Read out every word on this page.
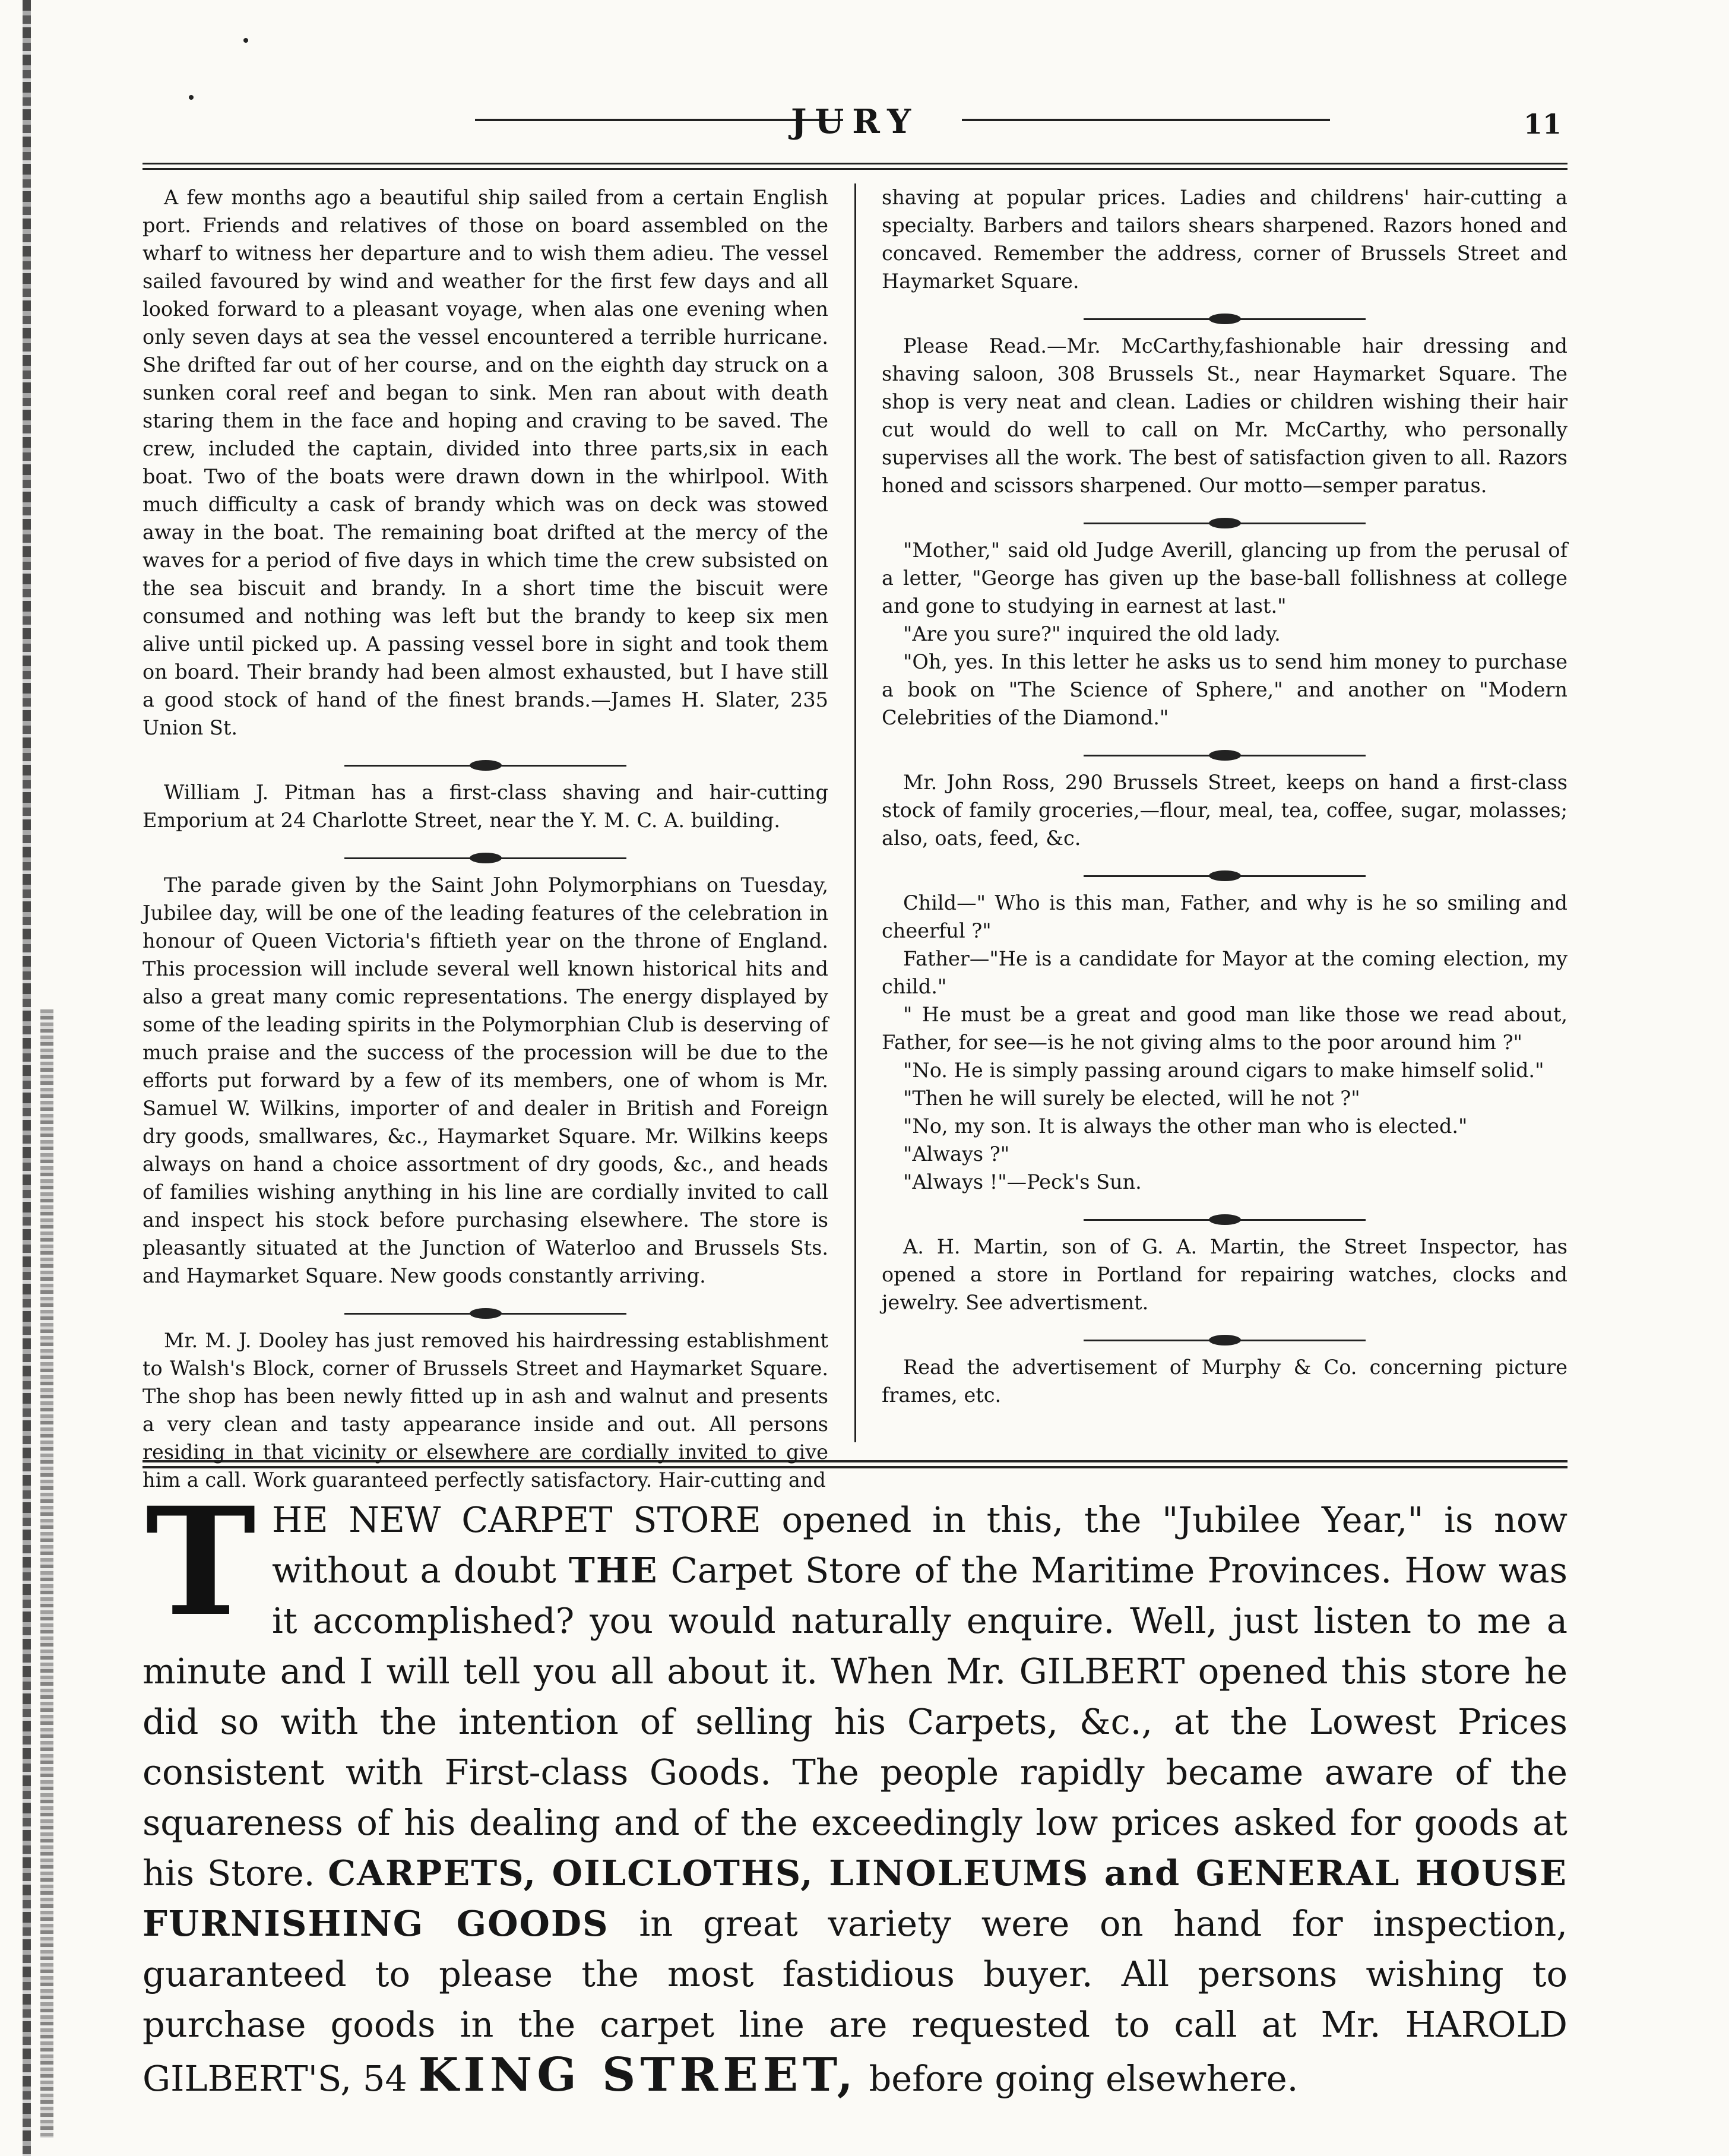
JURY	11

A few months ago a beautiful ship sailed from a certain English port. Friends and relatives of those on board assembled on the wharf to witness her departure and to wish them adieu. The vessel sailed favoured by wind and weather for the first few days and all looked forward to a pleasant voyage, when alas one evening when only seven days at sea the vessel encountered a terrible hurricane. She drifted far out of her course, and on the eighth day struck on a sunken coral reef and began to sink. Men ran about with death staring them in the face and hoping and craving to be saved. The crew, included the captain, divided into three parts,six in each boat. Two of the boats were drawn down in the whirlpool. With much difficulty a cask of brandy which was on deck was stowed away in the boat. The remaining boat drifted at the mercy of the waves for a period of five days in which time the crew subsisted on the sea biscuit and brandy. In a short time the biscuit were consumed and nothing was left but the brandy to keep six men alive until picked up. A passing vessel bore in sight and took them on board. Their brandy had been almost exhausted, but I have still a good stock of hand of the finest brands.—James H. Slater, 235 Union St.

William J. Pitman has a first-class shaving and hair-cutting Emporium at 24 Charlotte Street, near the Y. M. C. A. building.

The parade given by the Saint John Polymorphians on Tuesday, Jubilee day, will be one of the leading features of the celebration in honour of Queen Victoria's fiftieth year on the throne of England. This procession will include several well known historical hits and also a great many comic representations. The energy displayed by some of the leading spirits in the Polymorphian Club is deserving of much praise and the success of the procession will be due to the efforts put forward by a few of its members, one of whom is Mr. Samuel W. Wilkins, importer of and dealer in British and Foreign dry goods, smallwares, &c., Haymarket Square. Mr. Wilkins keeps always on hand a choice assortment of dry goods, &c., and heads of families wishing anything in his line are cordially invited to call and inspect his stock before purchasing elsewhere. The store is pleasantly situated at the Junction of Waterloo and Brussels Sts. and Haymarket Square. New goods constantly arriving.

Mr. M. J. Dooley has just removed his hairdressing establishment to Walsh's Block, corner of Brussels Street and Haymarket Square. The shop has been newly fitted up in ash and walnut and presents a very clean and tasty appearance inside and out. All persons residing in that vicinity or elsewhere are cordially invited to give him a call. Work guaranteed perfectly satisfactory. Hair-cutting and

shaving at popular prices. Ladies and childrens' hair-cutting a specialty. Barbers and tailors shears sharpened. Razors honed and concaved. Remember the address, corner of Brussels Street and Haymarket Square.

Please Read.—Mr. McCarthy,fashionable hair dressing and shaving saloon, 308 Brussels St., near Haymarket Square. The shop is very neat and clean. Ladies or children wishing their hair cut would do well to call on Mr. McCarthy, who personally supervises all the work. The best of satisfaction given to all. Razors honed and scissors sharpened. Our motto—semper paratus.

"Mother," said old Judge Averill, glancing up from the perusal of a letter, "George has given up the base-ball follishness at college and gone to studying in earnest at last."

"Are you sure?" inquired the old lady.

"Oh, yes. In this letter he asks us to send him money to purchase a book on "The Science of Sphere," and another on "Modern Celebrities of the Diamond."

Mr. John Ross, 290 Brussels Street, keeps on hand a first-class stock of family groceries,—flour, meal, tea, coffee, sugar, molasses; also, oats, feed, &c.

Child—" Who is this man, Father, and why is he so smiling and cheerful ?"

Father—"He is a candidate for Mayor at the coming election, my child."

" He must be a great and good man like those we read about, Father, for see—is he not giving alms to the poor around him ?"

"No. He is simply passing around cigars to make himself solid."

"Then he will surely be elected, will he not ?"

"No, my son. It is always the other man who is elected."

"Always ?"

"Always !"—Peck's Sun.

A. H. Martin, son of G. A. Martin, the Street Inspector, has opened a store in Portland for repairing watches, clocks and jewelry. See advertisment.

Read the advertisement of Murphy & Co. concerning picture frames, etc.

T HE NEW CARPET STORE opened in this, the "Jubilee Year," is now without a doubt THE Carpet Store of the Maritime Provinces. How was it accomplished? you would naturally enquire. Well, just listen to me a minute and I will tell you all about it. When Mr. GILBERT opened this store he did so with the intention of selling his Carpets, &c., at the Lowest Prices consistent with First-class Goods. The people rapidly became aware of the squareness of his dealing and of the exceedingly low prices asked for goods at his Store. CARPETS, OILCLOTHS, LINOLEUMS and GENERAL HOUSE FURNISHING GOODS in great variety were on hand for inspection, guaranteed to please the most fastidious buyer. All persons wishing to purchase goods in the carpet line are requested to call at Mr. HAROLD GILBERT'S, 54 KING STREET, before going elsewhere.
